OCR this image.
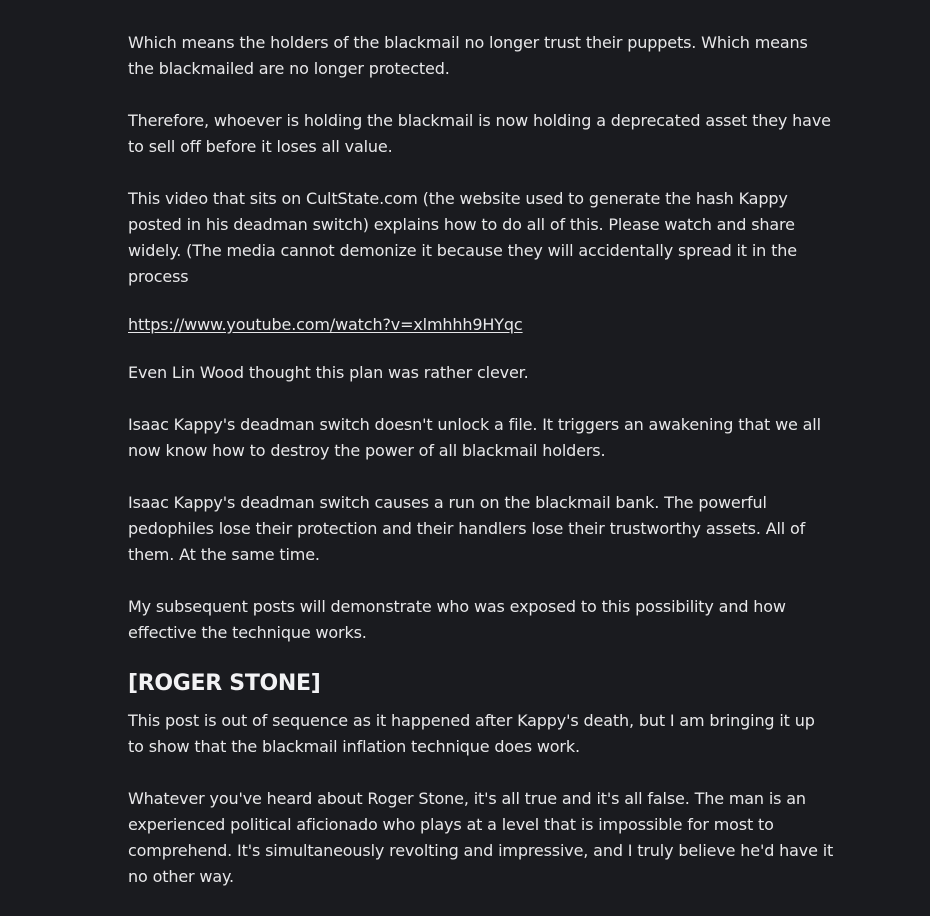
Which means the holders of the blackmail no longer trust their puppets. Which means the blackmailed are no longer protected.

Therefore, whoever is holding the blackmail is now holding a deprecated asset they have to sell off before it loses all value.

This video that sits on CultState.com (the website used to generate the hash Kappy posted in his deadman switch) explains how to do all of this. Please watch and share widely. (The media cannot demonize it because they will accidentally spread it in the process

https://www.youtube.com/watch?v=xlmhhh9HYqc

Even Lin Wood thought this plan was rather clever.

Isaac Kappy's deadman switch doesn't unlock a file. It triggers an awakening that we all now know how to destroy the power of all blackmail holders.

Isaac Kappy's deadman switch causes a run on the blackmail bank. The powerful pedophiles lose their protection and their handlers lose their trustworthy assets. All of them. At the same time.

My subsequent posts will demonstrate who was exposed to this possibility and how effective the technique works.

[ROGER STONE]

This post is out of sequence as it happened after Kappy's death, but I am bringing it up to show that the blackmail inflation technique does work.

Whatever you've heard about Roger Stone, it's all true and it's all false. The man is an experienced political aficionado who plays at a level that is impossible for most to comprehend. It's simultaneously revolting and impressive, and I truly believe he'd have it no other way.
